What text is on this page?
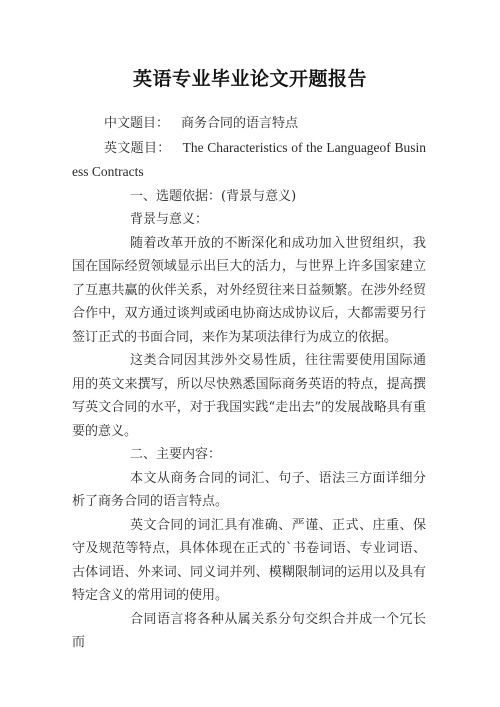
英语专业毕业论文开题报告

中文题目： 商务合同的语言特点

英文题目： The Characteristics of the Languageof Business Contracts

一、选题依据：(背景与意义)

背景与意义：

随着改革开放的不断深化和成功加入世贸组织，我国在国际经贸领域显示出巨大的活力，与世界上许多国家建立了互惠共赢的伙伴关系，对外经贸往来日益频繁。在涉外经贸合作中，双方通过谈判或函电协商达成协议后，大都需要另行签订正式的书面合同，来作为某项法律行为成立的依据。

这类合同因其涉外交易性质，往往需要使用国际通用的英文来撰写，所以尽快熟悉国际商务英语的特点，提高撰写英文合同的水平，对于我国实践“走出去”的发展战略具有重要的意义。

二、主要内容：

本文从商务合同的词汇、句子、语法三方面详细分析了商务合同的语言特点。

英文合同的词汇具有准确、严谨、正式、庄重、保守及规范等特点，具体体现在正式的`书卷词语、专业词语、古体词语、外来词、同义词并列、模糊限制词的运用以及具有特定含义的常用词的使用。

合同语言将各种从属关系分句交织合并成一个冗长而
